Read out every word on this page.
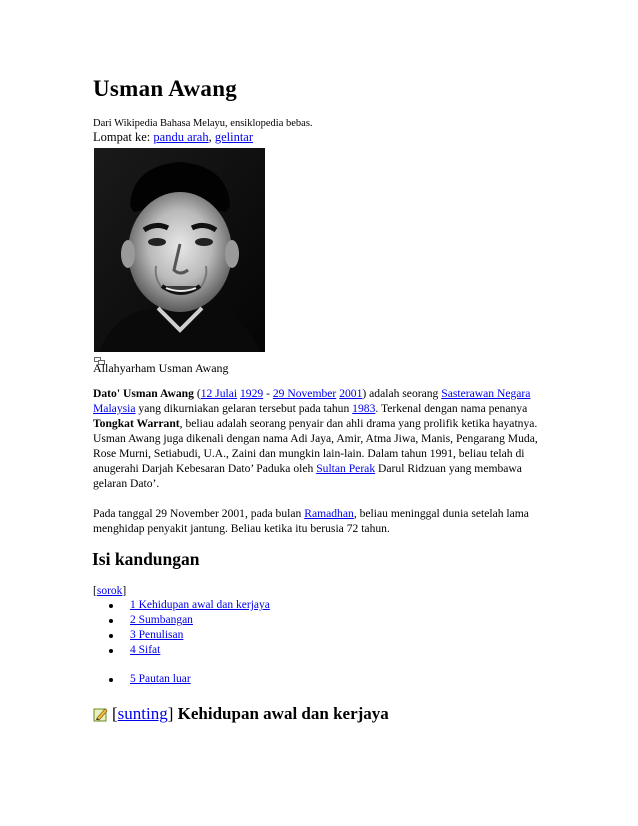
Usman Awang
Dari Wikipedia Bahasa Melayu, ensiklopedia bebas.
Lompat ke: pandu arah, gelintar
Allahyarham Usman Awang

Dato' Usman Awang (12 Julai 1929 - 29 November 2001) adalah seorang Sasterawan Negara Malaysia yang dikurniakan gelaran tersebut pada tahun 1983. Terkenal dengan nama penanya Tongkat Warrant, beliau adalah seorang penyair dan ahli drama yang prolifik ketika hayatnya. Usman Awang juga dikenali dengan nama Adi Jaya, Amir, Atma Jiwa, Manis, Pengarang Muda, Rose Murni, Setiabudi, U.A., Zaini dan mungkin lain-lain. Dalam tahun 1991, beliau telah di anugerahi Darjah Kebesaran Dato’ Paduka oleh Sultan Perak Darul Ridzuan yang membawa gelaran Dato’.

Pada tanggal 29 November 2001, pada bulan Ramadhan, beliau meninggal dunia setelah lama menghidap penyakit jantung. Beliau ketika itu berusia 72 tahun.

Isi kandungan
[sorok]
1 Kehidupan awal dan kerjaya
2 Sumbangan
3 Penulisan
4 Sifat
5 Pautan luar
[ sunting ]
Kehidupan awal dan kerjaya
